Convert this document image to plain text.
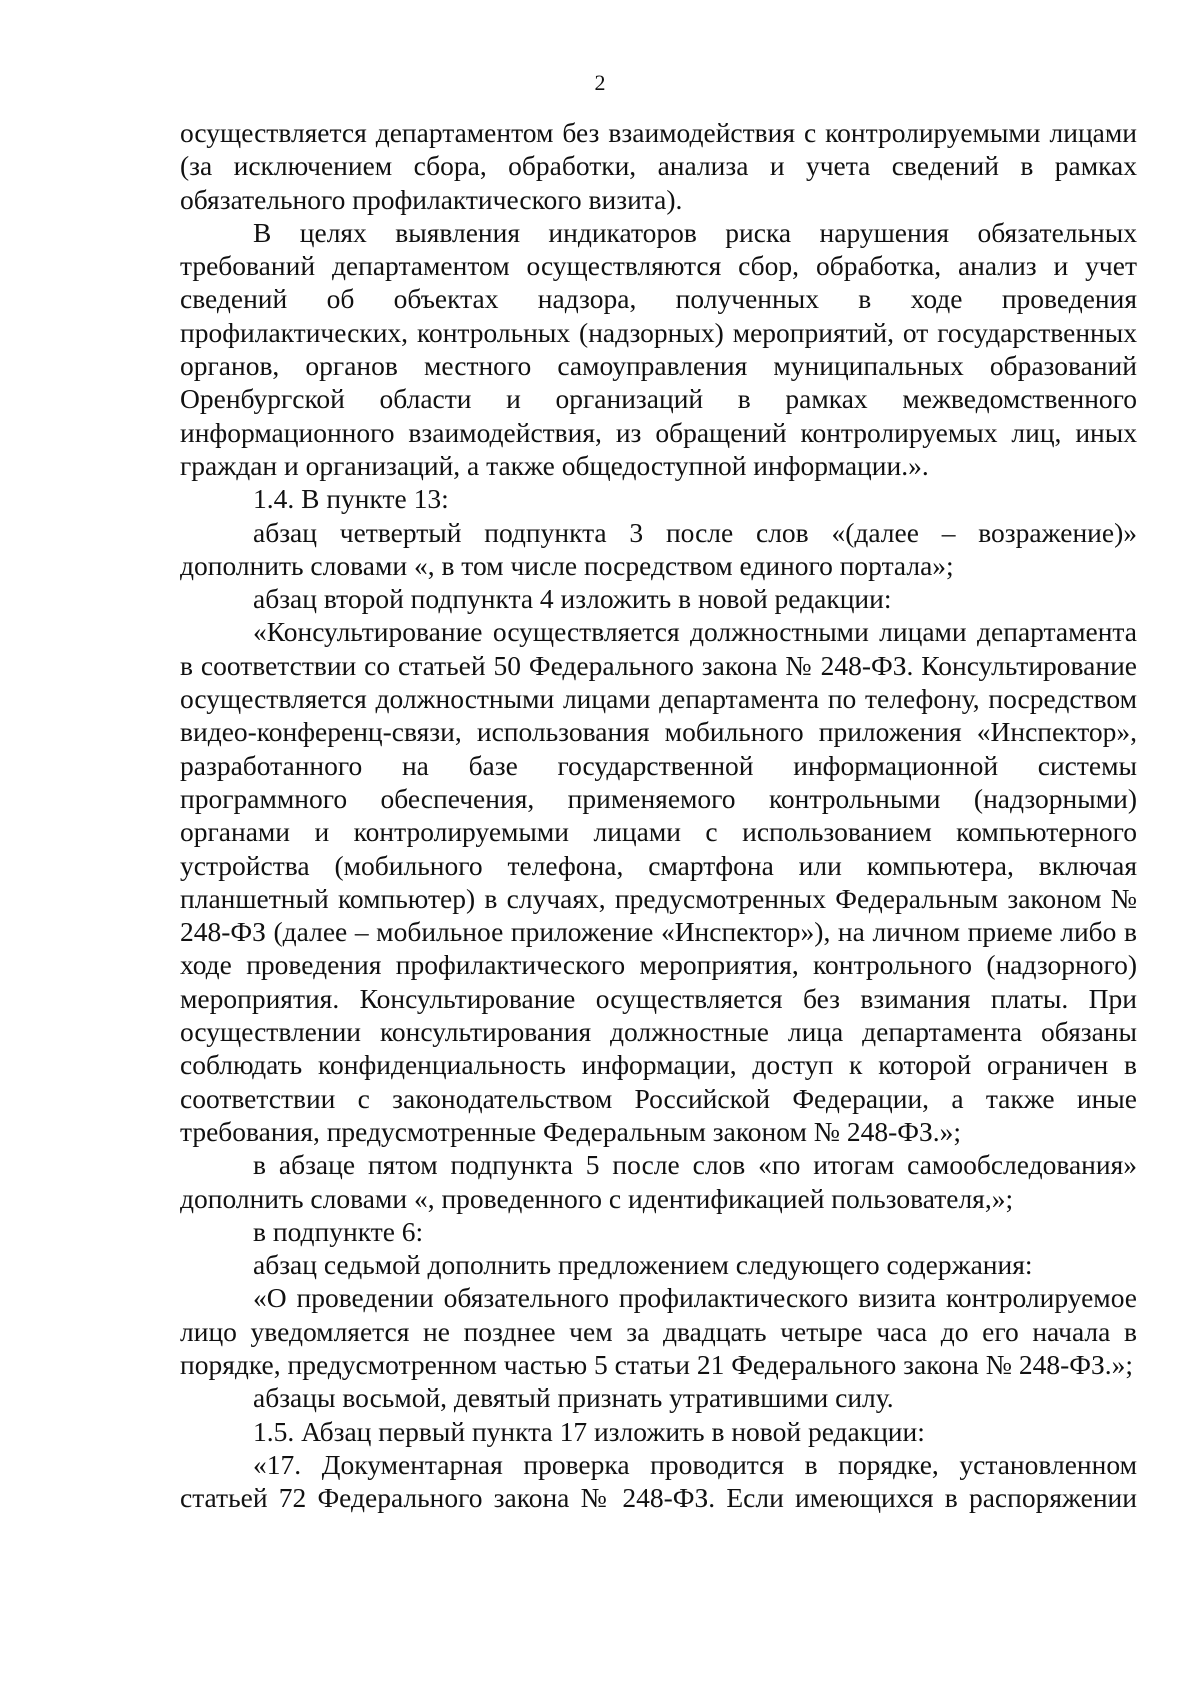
2

осуществляется департаментом без взаимодействия с контролируемыми лицами (за исключением сбора, обработки, анализа и учета сведений в рамках обязательного профилактического визита).

В целях выявления индикаторов риска нарушения обязательных требований департаментом осуществляются сбор, обработка, анализ и учет сведений об объектах надзора, полученных в ходе проведения профилактических, контрольных (надзорных) мероприятий, от государственных органов, органов местного самоуправления муниципальных образований Оренбургской области и организаций в рамках межведомственного информационного взаимодействия, из обращений контролируемых лиц, иных граждан и организаций, а также общедоступной информации.».

1.4. В пункте 13:

абзац четвертый подпункта 3 после слов «(далее – возражение)» дополнить словами «, в том числе посредством единого портала»;

абзац второй подпункта 4 изложить в новой редакции:

«Консультирование осуществляется должностными лицами департамента в соответствии со статьей 50 Федерального закона № 248-ФЗ. Консультирование осуществляется должностными лицами департамента по телефону, посредством видео-конференц-связи, использования мобильного приложения «Инспектор», разработанного на базе государственной информационной системы программного обеспечения, применяемого контрольными (надзорными) органами и контролируемыми лицами с использованием компьютерного устройства (мобильного телефона, смартфона или компьютера, включая планшетный компьютер) в случаях, предусмотренных Федеральным законом № 248-ФЗ (далее – мобильное приложение «Инспектор»), на личном приеме либо в ходе проведения профилактического мероприятия, контрольного (надзорного) мероприятия. Консультирование осуществляется без взимания платы. При осуществлении консультирования должностные лица департамента обязаны соблюдать конфиденциальность информации, доступ к которой ограничен в соответствии с законодательством Российской Федерации, а также иные требования, предусмотренные Федеральным законом № 248-ФЗ.»;

в абзаце пятом подпункта 5 после слов «по итогам самообследования» дополнить словами «, проведенного с идентификацией пользователя,»;

в подпункте 6:

абзац седьмой дополнить предложением следующего содержания:

«О проведении обязательного профилактического визита контролируемое лицо уведомляется не позднее чем за двадцать четыре часа до его начала в порядке, предусмотренном частью 5 статьи 21 Федерального закона № 248-ФЗ.»;

абзацы восьмой, девятый признать утратившими силу.

1.5. Абзац первый пункта 17 изложить в новой редакции:

«17. Документарная проверка проводится в порядке, установленном статьей 72 Федерального закона № 248-ФЗ. Если имеющихся в распоряжении
